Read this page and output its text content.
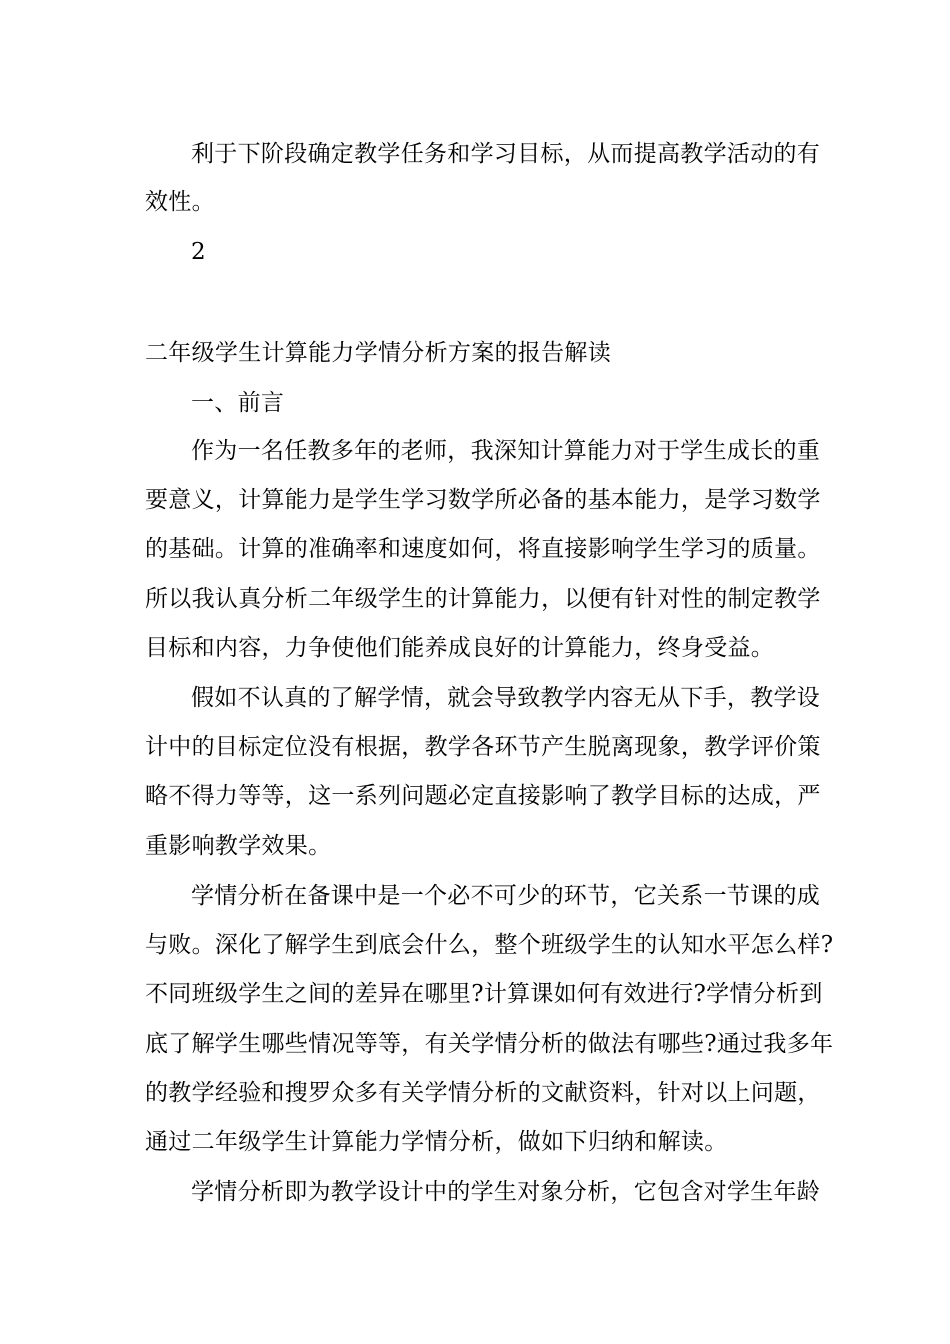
利于下阶段确定教学任务和学习目标，从而提高教学活动的有
效性。
2
二年级学生计算能力学情分析方案的报告解读
一、前言
作为一名任教多年的老师，我深知计算能力对于学生成长的重
要意义，计算能力是学生学习数学所必备的基本能力，是学习数学
的基础。计算的准确率和速度如何，将直接影响学生学习的质量。
所以我认真分析二年级学生的计算能力，以便有针对性的制定教学
目标和内容，力争使他们能养成良好的计算能力，终身受益。
假如不认真的了解学情，就会导致教学内容无从下手，教学设
计中的目标定位没有根据，教学各环节产生脱离现象，教学评价策
略不得力等等，这一系列问题必定直接影响了教学目标的达成，严
重影响教学效果。
学情分析在备课中是一个必不可少的环节，它关系一节课的成
与败。深化了解学生到底会什么，整个班级学生的认知水平怎么样?
不同班级学生之间的差异在哪里?计算课如何有效进行?学情分析到
底了解学生哪些情况等等，有关学情分析的做法有哪些?通过我多年
的教学经验和搜罗众多有关学情分析的文献资料，针对以上问题，
通过二年级学生计算能力学情分析，做如下归纳和解读。
学情分析即为教学设计中的学生对象分析，它包含对学生年龄
